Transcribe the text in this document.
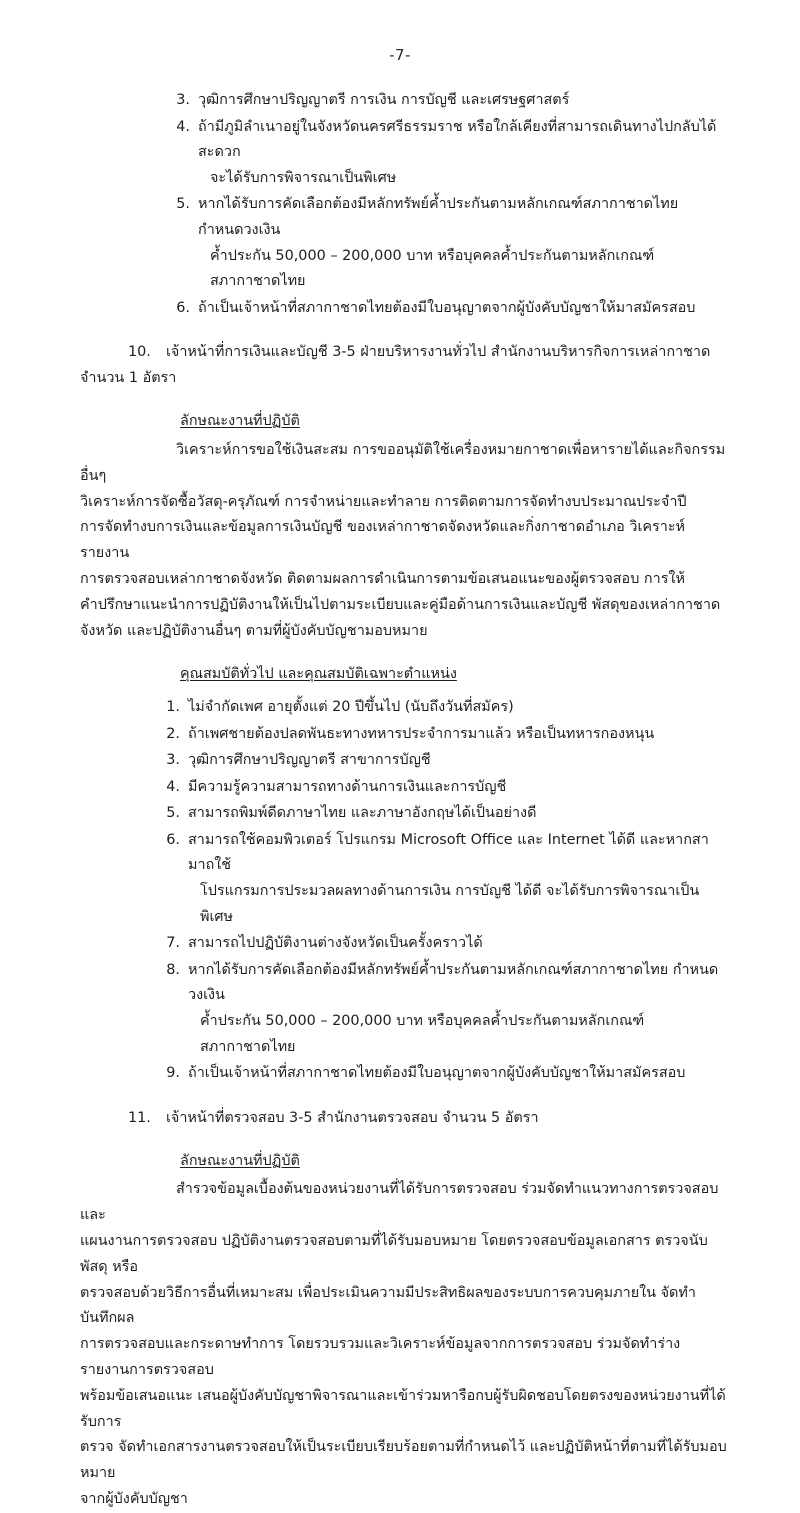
-7-
3. วุฒิการศึกษาปริญญาตรี การเงิน การบัญชี และเศรษฐศาสตร์
4. ถ้ามีภูมิลำเนาอยู่ในจังหวัดนครศรีธรรมราช หรือใกล้เคียงที่สามารถเดินทางไปกลับได้สะดวก
จะได้รับการพิจารณาเป็นพิเศษ
5. หากได้รับการคัดเลือกต้องมีหลักทรัพย์ค้ำประกันตามหลักเกณฑ์สภากาชาดไทย กำหนดวงเงิน
ค้ำประกัน 50,000 – 200,000 บาท หรือบุคคลค้ำประกันตามหลักเกณฑ์สภากาชาดไทย
6. ถ้าเป็นเจ้าหน้าที่สภากาชาดไทยต้องมีใบอนุญาตจากผู้บังคับบัญชาให้มาสมัครสอบ
10.	เจ้าหน้าที่การเงินและบัญชี 3-5 ฝ่ายบริหารงานทั่วไป สำนักงานบริหารกิจการเหล่ากาชาด
จำนวน 1 อัตรา
ลักษณะงานที่ปฏิบัติ
วิเคราะห์การขอใช้เงินสะสม การขออนุมัติใช้เครื่องหมายกาชาดเพื่อหารายได้และกิจกรรมอื่นๆ
วิเคราะห์การจัดซื้อวัสดุ-ครุภัณฑ์ การจำหน่ายและทำลาย การติดตามการจัดทำงบประมาณประจำปี
การจัดทำงบการเงินและข้อมูลการเงินบัญชี ของเหล่ากาชาดจัดงหวัดและกิ่งกาชาดอำเภอ วิเคราะห์รายงาน
การตรวจสอบเหล่ากาชาดจังหวัด ติดตามผลการดำเนินการตามข้อเสนอแนะของผู้ตรวจสอบ การให้
คำปรึกษาแนะนำการปฏิบัติงานให้เป็นไปตามระเบียบและคู่มือด้านการเงินและบัญชี พัสดุของเหล่ากาชาด
จังหวัด และปฏิบัติงานอื่นๆ ตามที่ผู้บังคับบัญชามอบหมาย
คุณสมบัติทั่วไป และคุณสมบัติเฉพาะตำแหน่ง
1. ไม่จำกัดเพศ อายุตั้งแต่ 20 ปีขึ้นไป (นับถึงวันที่สมัคร)
2. ถ้าเพศชายต้องปลดพันธะทางทหารประจำการมาแล้ว หรือเป็นทหารกองหนุน
3. วุฒิการศึกษาปริญญาตรี สาขาการบัญชี
4. มีความรู้ความสามารถทางด้านการเงินและการบัญชี
5. สามารถพิมพ์ดีดภาษาไทย และภาษาอังกฤษได้เป็นอย่างดี
6. สามารถใช้คอมพิวเตอร์ โปรแกรม Microsoft Office และ Internet ได้ดี และหากสามาถใช้
โปรแกรมการประมวลผลทางด้านการเงิน การบัญชี ได้ดี จะได้รับการพิจารณาเป็นพิเศษ
7. สามารถไปปฏิบัติงานต่างจังหวัดเป็นครั้งคราวได้
8. หากได้รับการคัดเลือกต้องมีหลักทรัพย์ค้ำประกันตามหลักเกณฑ์สภากาชาดไทย กำหนดวงเงิน
ค้ำประกัน 50,000 – 200,000 บาท หรือบุคคลค้ำประกันตามหลักเกณฑ์สภากาชาดไทย
9. ถ้าเป็นเจ้าหน้าที่สภากาชาดไทยต้องมีใบอนุญาตจากผู้บังคับบัญชาให้มาสมัครสอบ
11.	เจ้าหน้าที่ตรวจสอบ 3-5 สำนักงานตรวจสอบ จำนวน 5 อัตรา
ลักษณะงานที่ปฏิบัติ
สำรวจข้อมูลเบื้องต้นของหน่วยงานที่ได้รับการตรวจสอบ ร่วมจัดทำแนวทางการตรวจสอบและ
แผนงานการตรวจสอบ ปฏิบัติงานตรวจสอบตามที่ได้รับมอบหมาย โดยตรวจสอบข้อมูลเอกสาร ตรวจนับพัสดุ หรือ
ตรวจสอบด้วยวิธีการอื่นที่เหมาะสม เพื่อประเมินความมีประสิทธิผลของระบบการควบคุมภายใน จัดทำบันทึกผล
การตรวจสอบและกระดาษทำการ โดยรวบรวมและวิเคราะห์ข้อมูลจากการตรวจสอบ ร่วมจัดทำร่างรายงานการตรวจสอบ
พร้อมข้อเสนอแนะ เสนอผู้บังคับบัญชาพิจารณาและเข้าร่วมหารือกบผู้รับผิดชอบโดยตรงของหน่วยงานที่ได้รับการ
ตรวจ จัดทำเอกสารงานตรวจสอบให้เป็นระเบียบเรียบร้อยตามที่กำหนดไว้ และปฏิบัติหน้าที่ตามที่ได้รับมอบหมาย
จากผู้บังคับบัญชา
